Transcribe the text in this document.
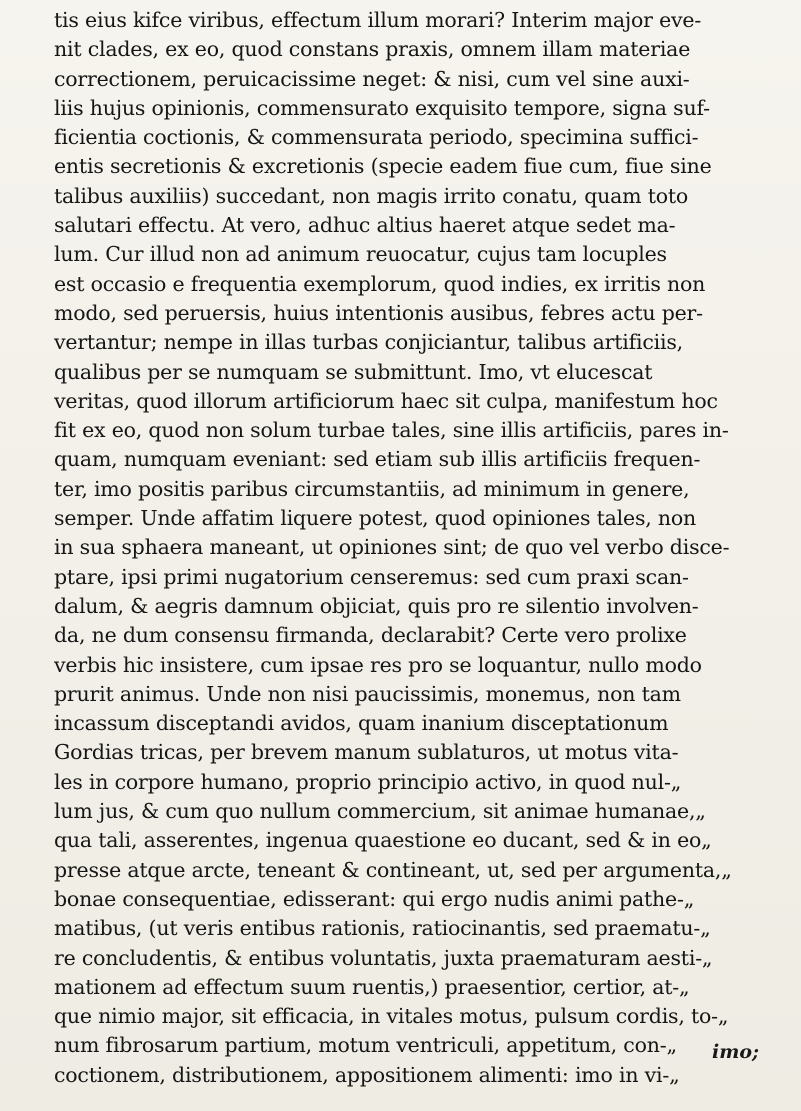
tis eius kifce viribus, effectum illum morari? Interim major eve-
nit clades, ex eo, quod constans praxis, omnem illam materiae
correctionem, peruicacissime neget: & nisi, cum vel sine auxi-
liis hujus opinionis, commensurato exquisito tempore, signa suf-
ficientia coctionis, & commensurata periodo, specimina suffici-
entis secretionis & excretionis (specie eadem fiue cum, fiue sine
talibus auxiliis) succedant, non magis irrito conatu, quam toto
salutari effectu. At vero, adhuc altius haeret atque sedet ma-
lum. Cur illud non ad animum reuocatur, cujus tam locuples
est occasio e frequentia exemplorum, quod indies, ex irritis non
modo, sed peruersis, huius intentionis ausibus, febres actu per-
vertantur; nempe in illas turbas conjiciantur, talibus artificiis,
qualibus per se numquam se submittunt. Imo, vt elucescat
veritas, quod illorum artificiorum haec sit culpa, manifestum hoc
fit ex eo, quod non solum turbae tales, sine illis artificiis, pares in-
quam, numquam eveniant: sed etiam sub illis artificiis frequen-
ter, imo positis paribus circumstantiis, ad minimum in genere,
semper. Unde affatim liquere potest, quod opiniones tales, non
in sua sphaera maneant, ut opiniones sint; de quo vel verbo disce-
ptare, ipsi primi nugatorium censeremus: sed cum praxi scan-
dalum, & aegris damnum objiciat, quis pro re silentio involven-
da, ne dum consensu firmanda, declarabit? Certe vero prolixe
verbis hic insistere, cum ipsae res pro se loquantur, nullo modo
prurit animus. Unde non nisi paucissimis, monemus, non tam
incassum disceptandi avidos, quam inanium disceptationum
Gordias tricas, per brevem manum sublaturos, ut motus vita-
les in corpore humano, proprio principio activo, in quod nul-„
lum jus, & cum quo nullum commercium, sit animae humanae,„
qua tali, asserentes, ingenua quaestione eo ducant, sed & in eo„
presse atque arcte, teneant & contineant, ut, sed per argumenta,„
bonae consequentiae, edisserant: qui ergo nudis animi pathe-„
matibus, (ut veris entibus rationis, ratiocinantis, sed praematu-„
re concludentis, & entibus voluntatis, juxta praematuram aesti-„
mationem ad effectum suum ruentis,) praesentior, certior, at-„
que nimio major, sit efficacia, in vitales motus, pulsum cordis, to-„
num fibrosarum partium, motum ventriculi, appetitum, con-„
coctionem, distributionem, appositionem alimenti: imo in vi-„
imo;
